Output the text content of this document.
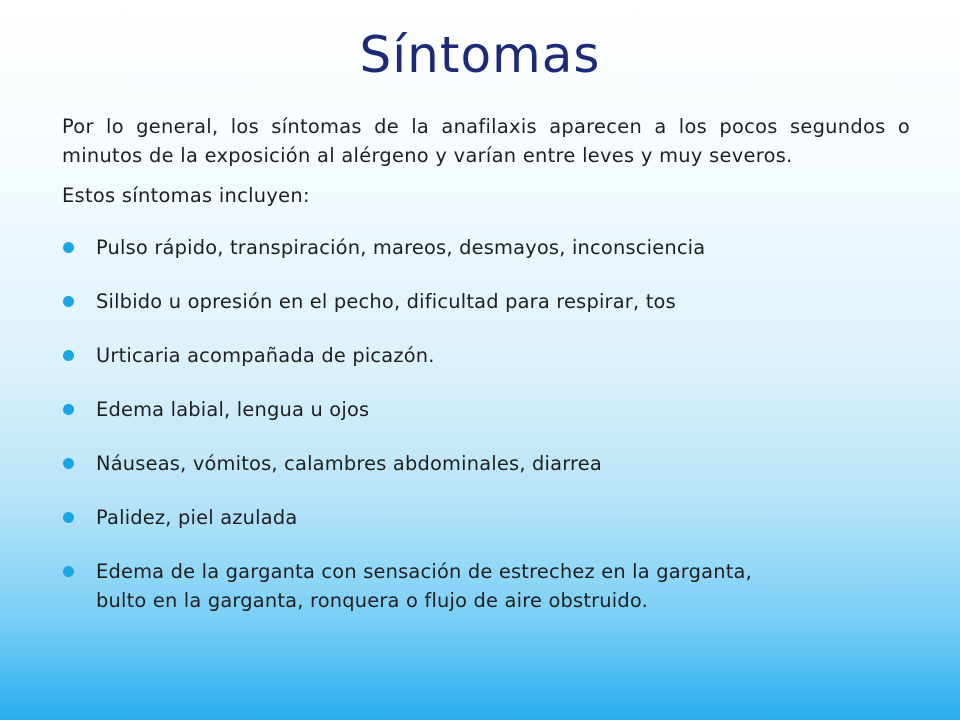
Síntomas

Por lo general, los síntomas de la anafilaxis aparecen a los pocos segundos o minutos de la exposición al alérgeno y varían entre leves y muy severos.

Estos síntomas incluyen:

Pulso rápido, transpiración, mareos, desmayos, inconsciencia
Silbido u opresión en el pecho, dificultad para respirar, tos
Urticaria acompañada de picazón.
Edema labial, lengua u ojos
Náuseas, vómitos, calambres abdominales, diarrea
Palidez, piel azulada
Edema de la garganta con sensación de estrechez en la garganta, bulto en la garganta, ronquera o flujo de aire obstruido.
